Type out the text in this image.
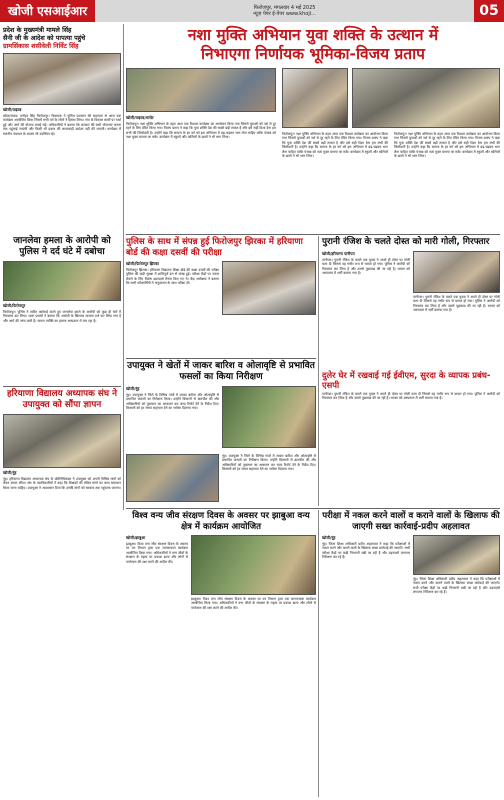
खोजी एसआईआर	फिरोजपुर, मंगलवार 4 मई 2025
न्यूज़ पेपर ई-पेपर www.khoji...	05
प्रदेश के मुख्यमंत्री मामले सिंह
सैनी जी के आदेश को पापत्या पहुंचे
ग्रामसिंकास शसीवेली निर्विट सिंह
खोजी/चाइल्ड
खोज/संवाद: मनोहर सिंह फिरोजपुर। विधायक ने पुलिस प्रशासन की सहायता से आज एक कार्यक्रम आयोजित किया जिसमें सभी वर्ग के लोगों ने हिस्सा लिया। गांव के विकास कार्यों पर चर्चा हुई और आगे की योजना बनाई गई। अधिकारियों ने बताया कि सरकार की सभी योजनाएं जनता तक पहुंचाई जाएंगी और किसी भी प्रकार की लापरवाही बर्दाश्त नहीं की जाएगी। कार्यक्रम में स्थानीय पंचायत के सदस्य भी उपस्थित रहे।
नशा मुक्ति अभियान युवा शक्ति के उत्थान में
निभाएगा निर्णायक भूमिका-विजय प्रताप
खोजी/चाइल्ड/मलोट
फिरोजपुर। नशा मुक्ति अभियान के तहत आज एक विशाल कार्यक्रम का आयोजन किया गया जिसमें युवाओं को नशे से दूर रहने के लिए प्रेरित किया गया। विजय प्रताप ने कहा कि युवा शक्ति देश की सबसे बड़ी ताकत है और इसे सही दिशा देना हम सभी की जिम्मेदारी है। उन्होंने कहा कि समाज के हर वर्ग को इस अभियान में बढ़-चढ़कर भाग लेना चाहिए ताकि पंजाब को नशा मुक्त बनाया जा सके। कार्यक्रम में स्कूलों और कॉलेजों के छात्रों ने भी भाग लिया।
फिरोजपुर। नशा मुक्ति अभियान के तहत आज एक विशाल कार्यक्रम का आयोजन किया गया जिसमें युवाओं को नशे से दूर रहने के लिए प्रेरित किया गया। विजय प्रताप ने कहा कि युवा शक्ति देश की सबसे बड़ी ताकत है और इसे सही दिशा देना हम सभी की जिम्मेदारी है। उन्होंने कहा कि समाज के हर वर्ग को इस अभियान में बढ़-चढ़कर भाग लेना चाहिए ताकि पंजाब को नशा मुक्त बनाया जा सके। कार्यक्रम में स्कूलों और कॉलेजों के छात्रों ने भी भाग लिया।
फिरोजपुर। नशा मुक्ति अभियान के तहत आज एक विशाल कार्यक्रम का आयोजन किया गया जिसमें युवाओं को नशे से दूर रहने के लिए प्रेरित किया गया। विजय प्रताप ने कहा कि युवा शक्ति देश की सबसे बड़ी ताकत है और इसे सही दिशा देना हम सभी की जिम्मेदारी है। उन्होंने कहा कि समाज के हर वर्ग को इस अभियान में बढ़-चढ़कर भाग लेना चाहिए ताकि पंजाब को नशा मुक्त बनाया जा सके। कार्यक्रम में स्कूलों और कॉलेजों के छात्रों ने भी भाग लिया।
जानलेवा हमला के आरोपी को पुलिस ने दर्द घंटे में दबोचा
खोजी/फिरोजपुर
फिरोजपुर। पुलिस ने त्वरित कार्रवाई करते हुए जानलेवा हमले के आरोपी को कुछ ही घंटों में गिरफ्तार कर लिया। थाना प्रभारी ने बताया कि आरोपी के खिलाफ मामला दर्ज कर लिया गया है और आगे की जांच जारी है। घायल व्यक्ति का इलाज अस्पताल में चल रहा है।
पुलिस के साथ में संपन्न हुई फिरोजपुर झिरका में हरियाणा बोर्ड की कक्षा दसवीं की परीक्षा
खोजी/फिरोजपुर झिरका
फिरोजपुर झिरका। हरियाणा विद्यालय शिक्षा बोर्ड की कक्षा दसवीं की परीक्षा पुलिस की कड़ी सुरक्षा में शांतिपूर्ण ढंग से संपन्न हुई। परीक्षा केंद्रों पर नकल रोकने के लिए विशेष उड़नदस्ते तैनात किए गए थे। केंद्र अधीक्षक ने बताया कि सभी परीक्षार्थियों ने अनुशासन के साथ परीक्षा दी।
पुरानी रंजिश के चलते दोस्त को मारी गोली, गिरफ्तार
खोजी/हरियाणा पानीपत
पानीपत। पुरानी रंजिश के चलते एक युवक ने अपने ही दोस्त पर गोली चला दी जिससे वह गंभीर रूप से घायल हो गया। पुलिस ने आरोपी को गिरफ्तार कर लिया है और उससे पूछताछ की जा रही है। घायल को अस्पताल में भर्ती कराया गया है।
पानीपत। पुरानी रंजिश के चलते एक युवक ने अपने ही दोस्त पर गोली चला दी जिससे वह गंभीर रूप से घायल हो गया। पुलिस ने आरोपी को गिरफ्तार कर लिया है और उससे पूछताछ की जा रही है। घायल को अस्पताल में भर्ती कराया गया है।
दुलेर घेर में रखवाई गई ईवीएम, सुरदा के व्यापक प्रबंध-एसपी
पानीपत। पुरानी रंजिश के चलते एक युवक ने अपने ही दोस्त पर गोली चला दी जिससे वह गंभीर रूप से घायल हो गया। पुलिस ने आरोपी को गिरफ्तार कर लिया है और उससे पूछताछ की जा रही है। घायल को अस्पताल में भर्ती कराया गया है।
हरियाणा विद्यालय अध्यापक संघ ने उपायुक्त को सौंपा ज्ञापन
खोजी/नूंह
नूंह। हरियाणा विद्यालय अध्यापक संघ के प्रतिनिधिमंडल ने उपायुक्त को अपनी विभिन्न मांगों को लेकर ज्ञापन सौंपा। संघ के पदाधिकारियों ने कहा कि शिक्षकों की लंबित मांगों का जल्द समाधान किया जाना चाहिए। उपायुक्त ने आश्वासन दिया कि उनकी मांगों को सरकार तक पहुंचाया जाएगा।
उपायुक्त ने खेतों में जाकर बारिश व ओलावृष्टि से प्रभावित फसलों का किया निरीक्षण
खोजी/नूंह
नूंह। उपायुक्त ने जिले के विभिन्न गांवों में जाकर बारिश और ओलावृष्टि से प्रभावित फसलों का निरीक्षण किया। उन्होंने किसानों से बातचीत की और अधिकारियों को नुकसान का आकलन कर जल्द रिपोर्ट देने के निर्देश दिए। किसानों को हर संभव सहायता देने का भरोसा दिलाया गया।
नूंह। उपायुक्त ने जिले के विभिन्न गांवों में जाकर बारिश और ओलावृष्टि से प्रभावित फसलों का निरीक्षण किया। उन्होंने किसानों से बातचीत की और अधिकारियों को नुकसान का आकलन कर जल्द रिपोर्ट देने के निर्देश दिए। किसानों को हर संभव सहायता देने का भरोसा दिलाया गया।
विश्व वन्य जीव संरक्षण दिवस के अवसर पर झाबुआ वन्य क्षेत्र में कार्यक्रम आयोजित
खोजी/झाबुआ
झाबुआ। विश्व वन्य जीव संरक्षण दिवस के अवसर पर वन विभाग द्वारा एक जागरूकता कार्यक्रम आयोजित किया गया। अधिकारियों ने वन्य जीवों के संरक्षण के महत्व पर प्रकाश डाला और लोगों से पर्यावरण की रक्षा करने की अपील की।
झाबुआ। विश्व वन्य जीव संरक्षण दिवस के अवसर पर वन विभाग द्वारा एक जागरूकता कार्यक्रम आयोजित किया गया। अधिकारियों ने वन्य जीवों के संरक्षण के महत्व पर प्रकाश डाला और लोगों से पर्यावरण की रक्षा करने की अपील की।
परीक्षा में नकल करने वालों व कराने वालों के खिलाफ की जाएगी सख्त कार्रवाई-प्रदीप अहलावत
खोजी/नूंह
नूंह। जिला शिक्षा अधिकारी प्रदीप अहलावत ने कहा कि परीक्षाओं में नकल करने और कराने वालों के खिलाफ सख्त कार्रवाई की जाएगी। सभी परीक्षा केंद्रों पर कड़ी निगरानी रखी जा रही है और उड़नदस्ते लगातार निरीक्षण कर रहे हैं।
नूंह। जिला शिक्षा अधिकारी प्रदीप अहलावत ने कहा कि परीक्षाओं में नकल करने और कराने वालों के खिलाफ सख्त कार्रवाई की जाएगी। सभी परीक्षा केंद्रों पर कड़ी निगरानी रखी जा रही है और उड़नदस्ते लगातार निरीक्षण कर रहे हैं।
